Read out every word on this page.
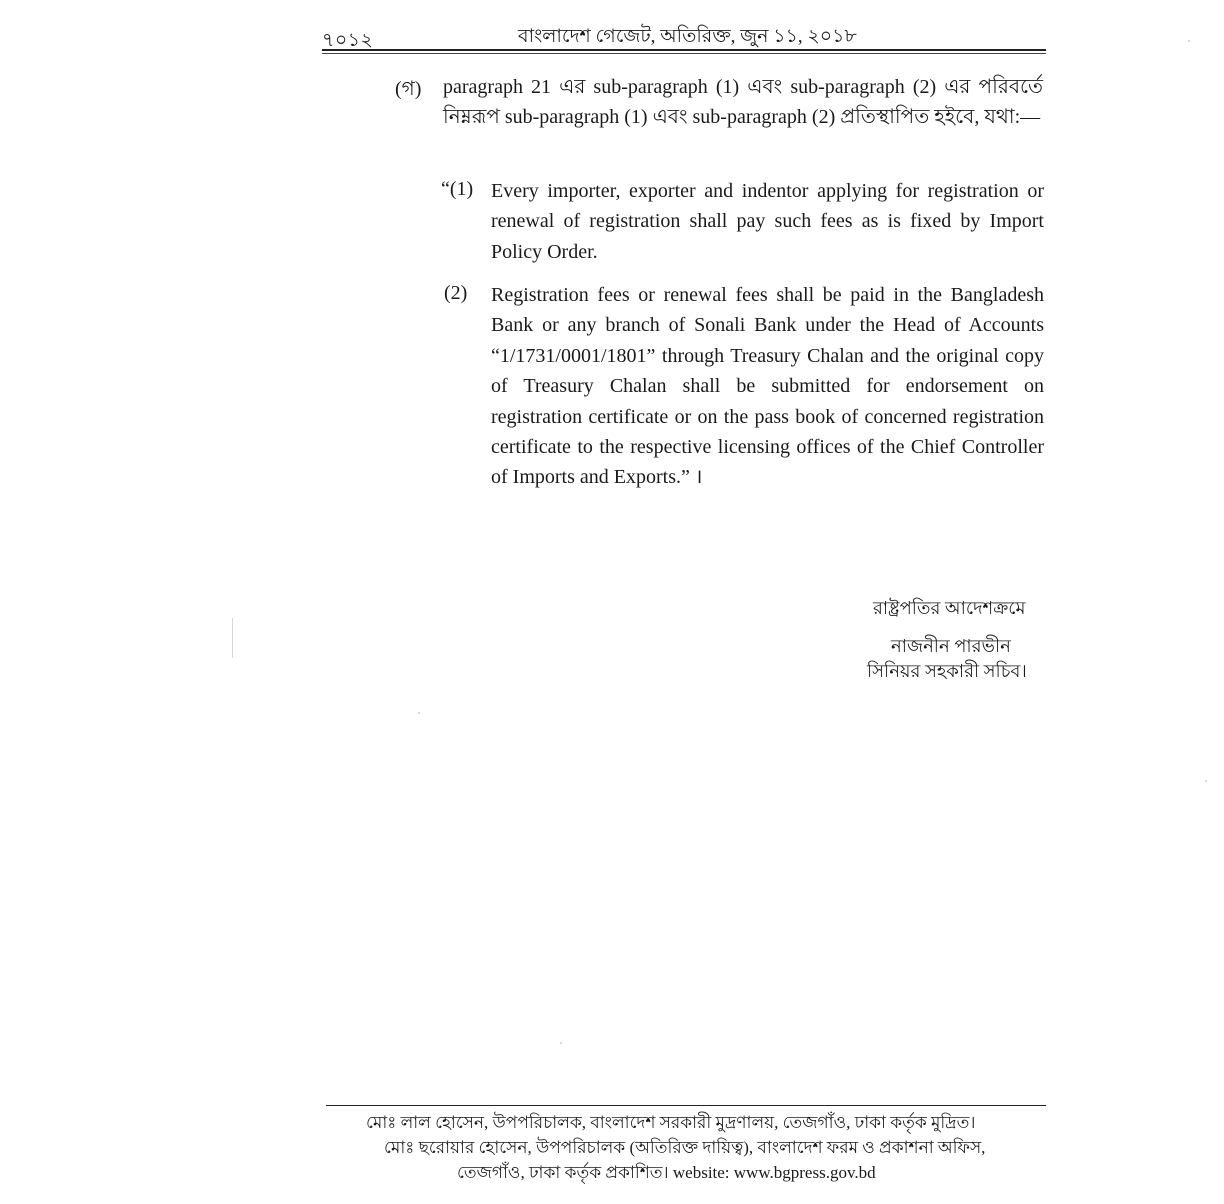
৭০১২	বাংলাদেশ গেজেট, অতিরিক্ত, জুন ১১, ২০১৮
(গ) paragraph 21 এর sub-paragraph (1) এবং sub-paragraph (2) এর পরিবর্তে নিম্নরূপ sub-paragraph (1) এবং sub-paragraph (2) প্রতিস্থাপিত হইবে, যথা:—
“(1) Every importer, exporter and indentor applying for registration or renewal of registration shall pay such fees as is fixed by Import Policy Order.
(2) Registration fees or renewal fees shall be paid in the Bangladesh Bank or any branch of Sonali Bank under the Head of Accounts “1/1731/0001/1801” through Treasury Chalan and the original copy of Treasury Chalan shall be submitted for endorsement on registration certificate or on the pass book of concerned registration certificate to the respective licensing offices of the Chief Controller of Imports and Exports.” ।
রাষ্ট্রপতির আদেশক্রমে
নাজনীন পারভীন
সিনিয়র সহকারী সচিব।
মোঃ লাল হোসেন, উপপরিচালক, বাংলাদেশ সরকারী মুদ্রণালয়, তেজগাঁও, ঢাকা কর্তৃক মুদ্রিত।
মোঃ ছরোয়ার হোসেন, উপপরিচালক (অতিরিক্ত দায়িত্ব), বাংলাদেশ ফরম ও প্রকাশনা অফিস,
তেজগাঁও, ঢাকা কর্তৃক প্রকাশিত। website: www.bgpress.gov.bd
